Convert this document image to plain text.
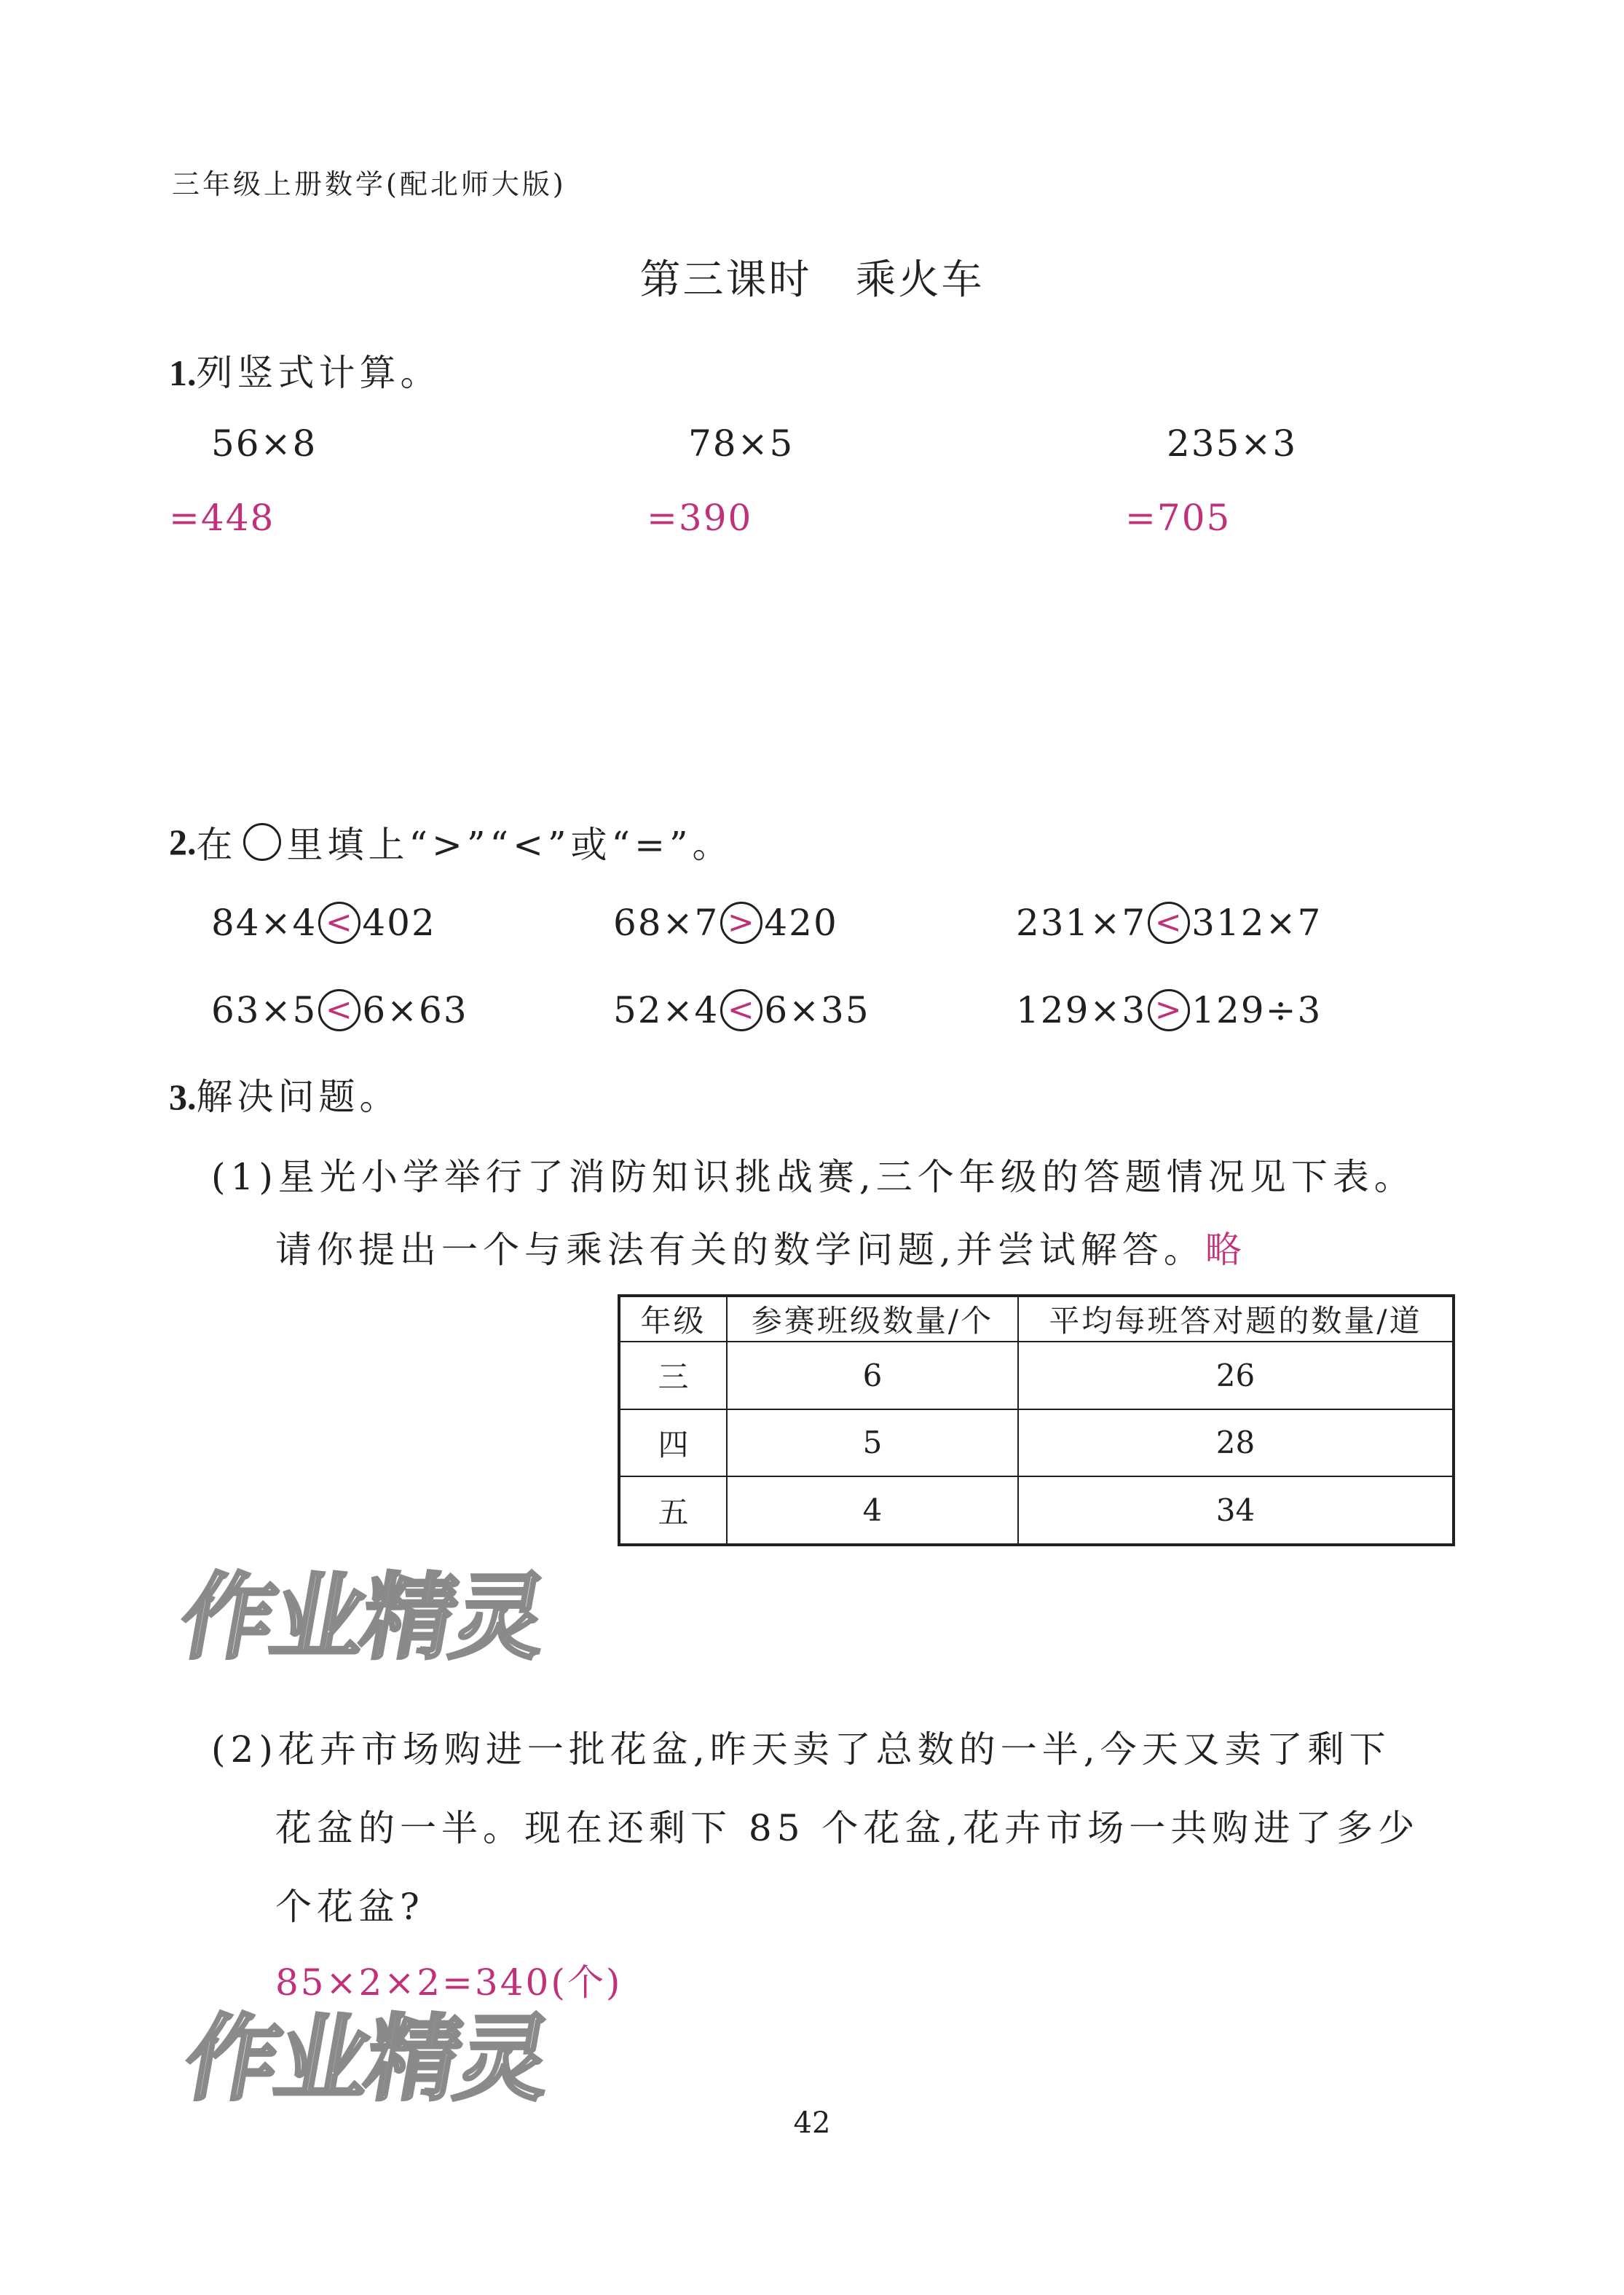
三年级上册数学(配北师大版)
第三课时 乘火车
1.列竖式计算。
56×8	78×5	235×3
=448	=390	=705
2. 在 里填上“>”“<”或“=”。
84×4 < 402	68×7 > 420	231×7 < 312×7
63×5 < 6×63	52×4 < 6×35	129×3 > 129÷3
3.解决问题。
(1)星光小学举行了消防知识挑战赛,三个年级的答题情况见下表。
请你提出一个与乘法有关的数学问题,并尝试解答。略
年级	参赛班级数量/个	平均每班答对题的数量/道
三	6	26
四	5	28
五	4	34
作业精灵
(2)花卉市场购进一批花盆,昨天卖了总数的一半,今天又卖了剩下
花盆的一半。现在还剩下 85 个花盆,花卉市场一共购进了多少
个花盆?
85×2×2=340(个)
作业精灵
42
